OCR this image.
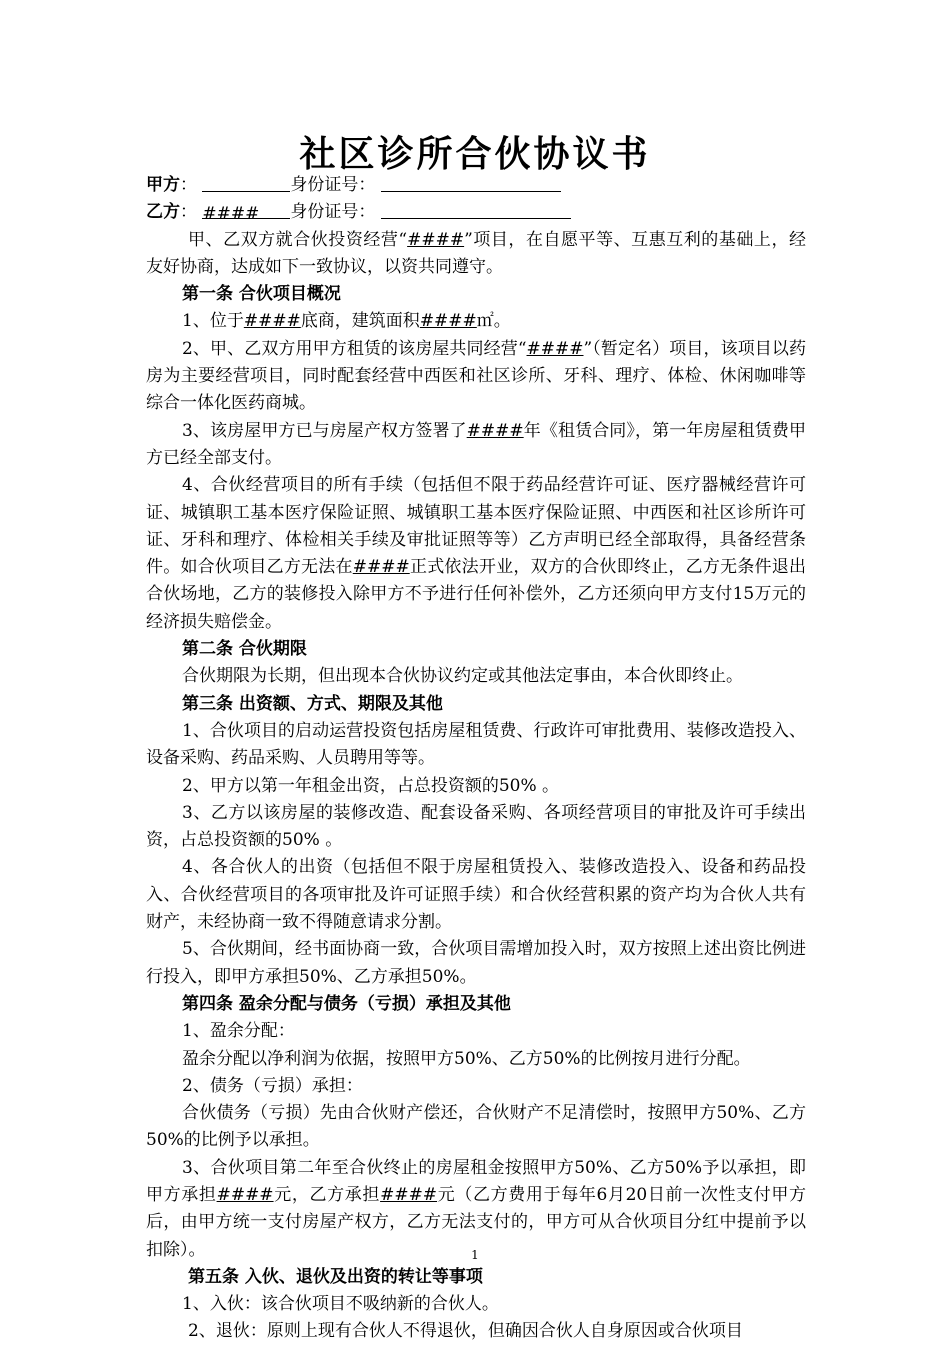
社区诊所合伙协议书

甲方：	身份证号：

乙方： #### 身份证号：

甲、乙双方就合伙投资经营“####”项目，在自愿平等、互惠互利的基础上，经友好协商，达成如下一致协议，以资共同遵守。

第一条 合伙项目概况

1、位于####底商，建筑面积####㎡。

2、甲、乙双方用甲方租赁的该房屋共同经营“####”（暂定名）项目，该项目以药房为主要经营项目，同时配套经营中西医和社区诊所、牙科、理疗、体检、休闲咖啡等综合一体化医药商城。

3、该房屋甲方已与房屋产权方签署了####年《租赁合同》，第一年房屋租赁费甲方已经全部支付。

4、合伙经营项目的所有手续（包括但不限于药品经营许可证、医疗器械经营许可证、城镇职工基本医疗保险证照、城镇职工基本医疗保险证照、中西医和社区诊所许可证、牙科和理疗、体检相关手续及审批证照等等）乙方声明已经全部取得，具备经营条件。如合伙项目乙方无法在####正式依法开业，双方的合伙即终止，乙方无条件退出合伙场地，乙方的装修投入除甲方不予进行任何补偿外，乙方还须向甲方支付15万元的经济损失赔偿金。

第二条 合伙期限

合伙期限为长期，但出现本合伙协议约定或其他法定事由，本合伙即终止。

第三条 出资额、方式、期限及其他

1、合伙项目的启动运营投资包括房屋租赁费、行政许可审批费用、装修改造投入、设备采购、药品采购、人员聘用等等。

2、甲方以第一年租金出资，占总投资额的50% 。

3、乙方以该房屋的装修改造、配套设备采购、各项经营项目的审批及许可手续出资，占总投资额的50% 。

4、各合伙人的出资（包括但不限于房屋租赁投入、装修改造投入、设备和药品投入、合伙经营项目的各项审批及许可证照手续）和合伙经营积累的资产均为合伙人共有财产，未经协商一致不得随意请求分割。

5、合伙期间，经书面协商一致，合伙项目需增加投入时，双方按照上述出资比例进行投入，即甲方承担50%、乙方承担50%。

第四条 盈余分配与债务（亏损）承担及其他

1、盈余分配：

盈余分配以净利润为依据，按照甲方50%、乙方50%的比例按月进行分配。

2、债务（亏损）承担：

合伙债务（亏损）先由合伙财产偿还，合伙财产不足清偿时，按照甲方50%、乙方50%的比例予以承担。

3、合伙项目第二年至合伙终止的房屋租金按照甲方50%、乙方50%予以承担，即甲方承担####元，乙方承担####元（乙方费用于每年6月20日前一次性支付甲方后，由甲方统一支付房屋产权方，乙方无法支付的，甲方可从合伙项目分红中提前予以扣除）。

第五条 入伙、退伙及出资的转让等事项

1、入伙：该合伙项目不吸纳新的合伙人。

2、退伙：原则上现有合伙人不得退伙，但确因合伙人自身原因或合伙项目

1
